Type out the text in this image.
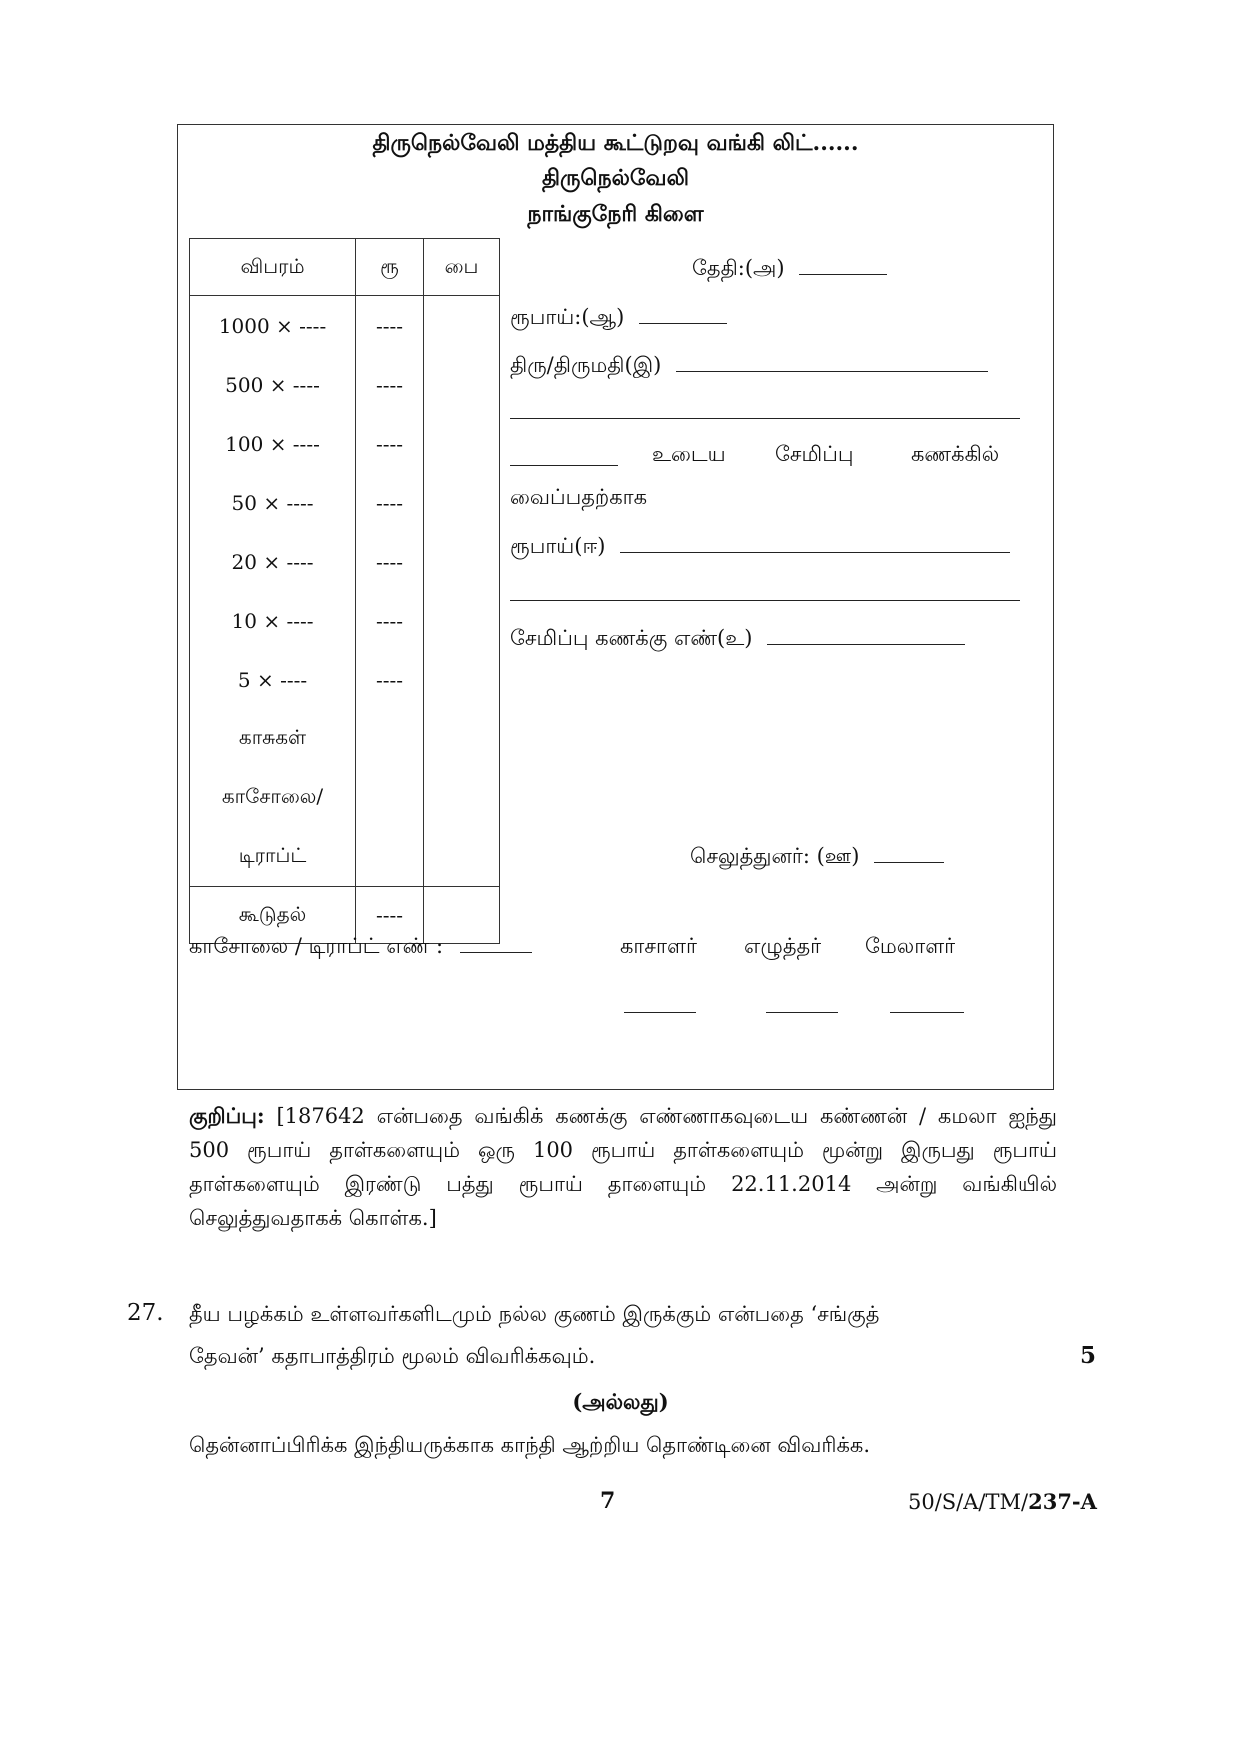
திருநெல்வேலி மத்திய கூட்டுறவு வங்கி லிட்......
திருநெல்வேலி
நாங்குநேரி கிளை
விபரம்	ரூ	பை
1000 × ----	----	
500 × ----	----	
100 × ----	----	
50 × ----	----	
20 × ----	----	
10 × ----	----	
5 × ----	----	
காசுகள்		
காசோலை/		
டிராப்ட்		
கூடுதல்	----	
தேதி:(அ)
ரூபாய்:(ஆ)
திரு/திருமதி(இ)
உடைய சேமிப்பு	கணக்கில்
வைப்பதற்காக
ரூபாய்(ஈ)
சேமிப்பு கணக்கு எண்(உ)
செலுத்துனர்: (ஊ)
காசோலை / டிராப்ட் எண் :	காசாளர் எழுத்தர் மேலாளர்
குறிப்பு: [187642 என்பதை வங்கிக் கணக்கு எண்ணாகவுடைய கண்ணன் / கமலா ஐந்து 500 ரூபாய் தாள்களையும் ஒரு 100 ரூபாய் தாள்களையும் மூன்று இருபது ரூபாய் தாள்களையும் இரண்டு பத்து ரூபாய் தாளையும் 22.11.2014 அன்று வங்கியில் செலுத்துவதாகக் கொள்க.]
27. தீய பழக்கம் உள்ளவர்களிடமும் நல்ல குணம் இருக்கும் என்பதை ‘சங்குத்
தேவன்’ கதாபாத்திரம் மூலம் விவரிக்கவும்.	5
(அல்லது)
தென்னாப்பிரிக்க இந்தியருக்காக காந்தி ஆற்றிய தொண்டினை விவரிக்க.
7	50/S/A/TM/237-A
